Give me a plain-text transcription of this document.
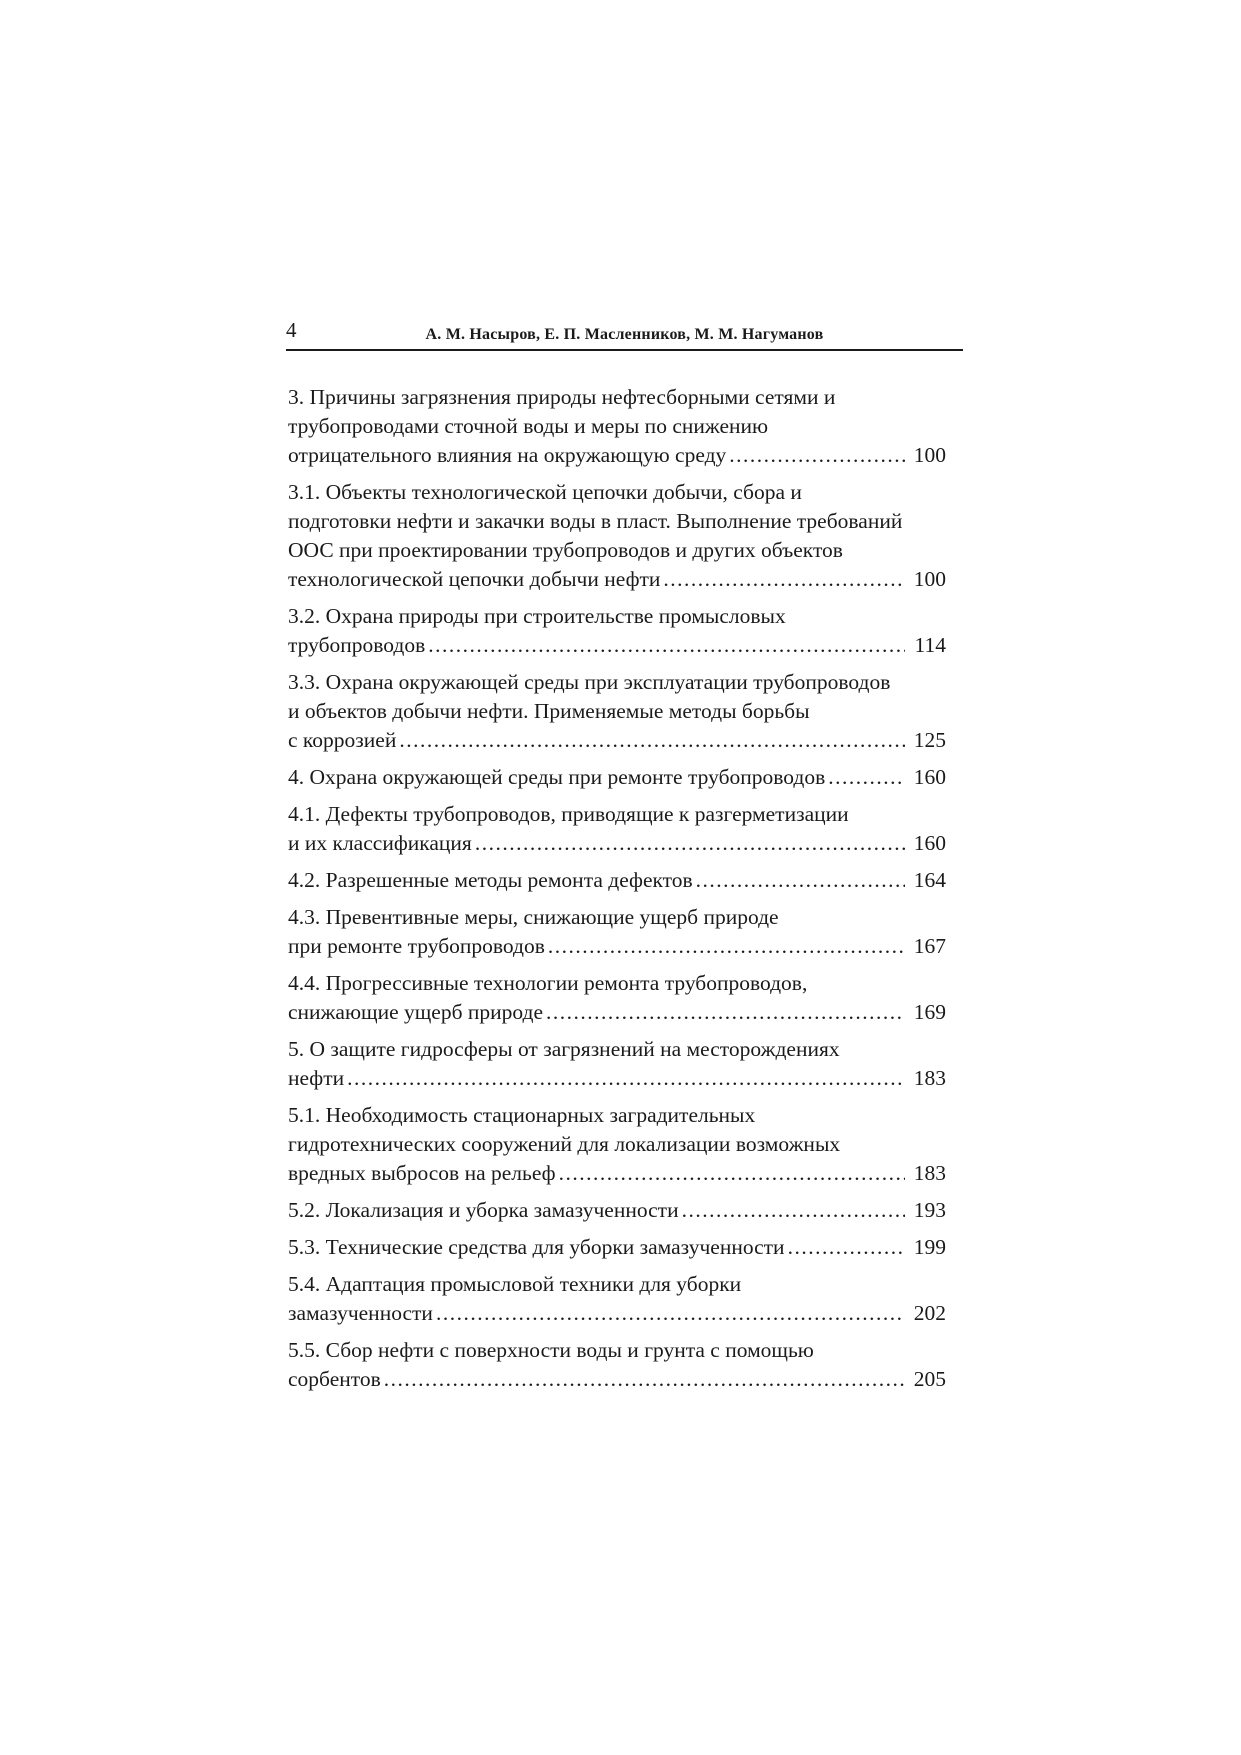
4	А. М. Насыров, Е. П. Масленников, М. М. Нагуманов
3. Причины загрязнения природы нефтесборными сетями и
трубопроводами сточной воды и меры по снижению
отрицательного влияния на окружающую среду .....	100
3.1. Объекты технологической цепочки добычи, сбора и
подготовки нефти и закачки воды в пласт. Выполнение требований
ООС при проектировании трубопроводов и других объектов
технологической цепочки добычи нефти .....	100
3.2. Охрана природы при строительстве промысловых
трубопроводов .....	114
3.3. Охрана окружающей среды при эксплуатации трубопроводов
и объектов добычи нефти. Применяемые методы борьбы
с коррозией .....	125
4. Охрана окружающей среды при ремонте трубопроводов .....	160
4.1. Дефекты трубопроводов, приводящие к разгерметизации
и их классификация .....	160
4.2. Разрешенные методы ремонта дефектов .....	164
4.3. Превентивные меры, снижающие ущерб природе
при ремонте трубопроводов .....	167
4.4. Прогрессивные технологии ремонта трубопроводов,
снижающие ущерб природе .....	169
5. О защите гидросферы от загрязнений на месторождениях
нефти .....	183
5.1. Необходимость стационарных заградительных
гидротехнических сооружений для локализации возможных
вредных выбросов на рельеф .....	183
5.2. Локализация и уборка замазученности .....	193
5.3. Технические средства для уборки замазученности .....	199
5.4. Адаптация промысловой техники для уборки
замазученности .....	202
5.5. Сбор нефти с поверхности воды и грунта с помощью
сорбентов .....	205
